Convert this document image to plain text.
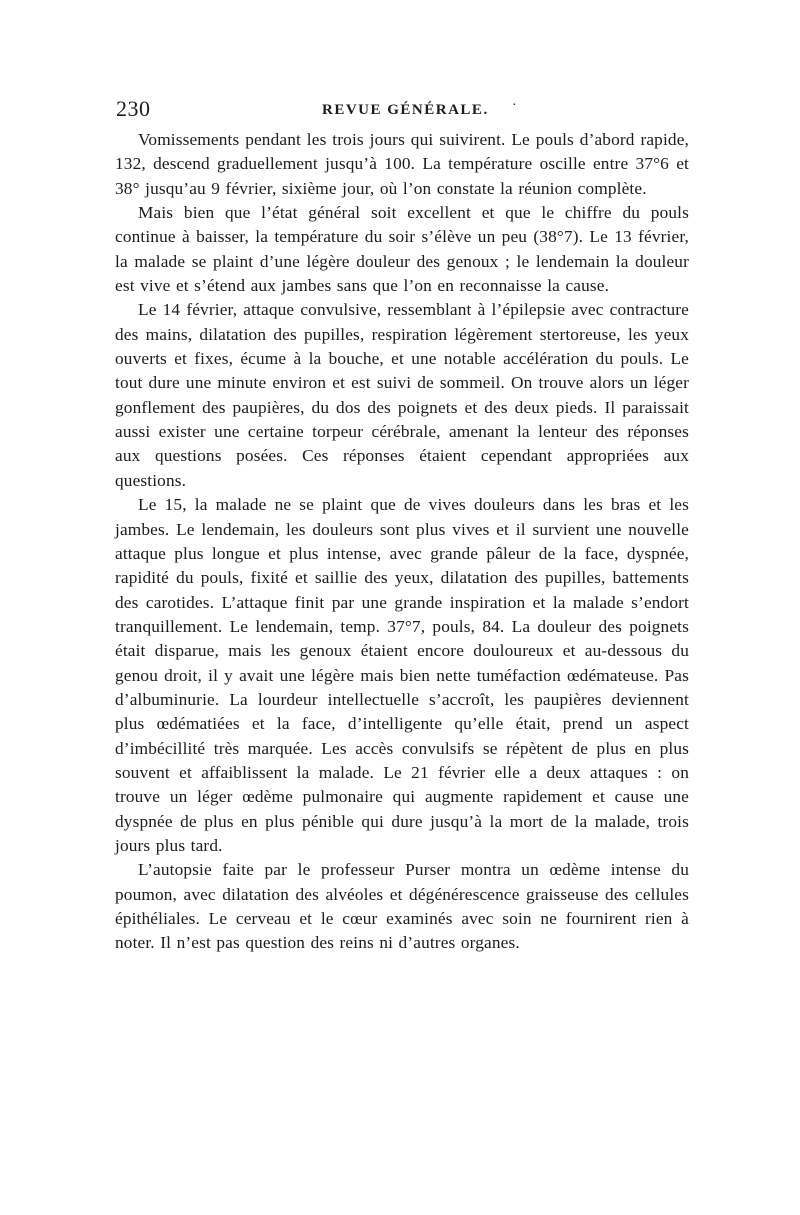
230	REVUE GÉNÉRALE. ·

Vomissements pendant les trois jours qui suivirent. Le pouls d’abord rapide, 132, descend graduellement jusqu’à 100. La température oscille entre 37°6 et 38° jusqu’au 9 février, sixième jour, où l’on constate la réunion complète.

Mais bien que l’état général soit excellent et que le chiffre du pouls continue à baisser, la température du soir s’élève un peu (38°7). Le 13 février, la malade se plaint d’une légère douleur des genoux ; le lendemain la douleur est vive et s’étend aux jambes sans que l’on en reconnaisse la cause.

Le 14 février, attaque convulsive, ressemblant à l’épilepsie avec contracture des mains, dilatation des pupilles, respiration légèrement stertoreuse, les yeux ouverts et fixes, écume à la bouche, et une notable accélération du pouls. Le tout dure une minute environ et est suivi de sommeil. On trouve alors un léger gonflement des paupières, du dos des poignets et des deux pieds. Il paraissait aussi exister une certaine torpeur cérébrale, amenant la lenteur des réponses aux questions posées. Ces réponses étaient cependant appropriées aux questions.

Le 15, la malade ne se plaint que de vives douleurs dans les bras et les jambes. Le lendemain, les douleurs sont plus vives et il survient une nouvelle attaque plus longue et plus intense, avec grande pâleur de la face, dyspnée, rapidité du pouls, fixité et saillie des yeux, dilatation des pupilles, battements des carotides. L’attaque finit par une grande inspiration et la malade s’endort tranquillement. Le lendemain, temp. 37°7, pouls, 84. La douleur des poignets était disparue, mais les genoux étaient encore douloureux et au-dessous du genou droit, il y avait une légère mais bien nette tuméfaction œdémateuse. Pas d’albuminurie. La lourdeur intellectuelle s’accroît, les paupières deviennent plus œdématiées et la face, d’intelligente qu’elle était, prend un aspect d’imbécillité très marquée. Les accès convulsifs se répètent de plus en plus souvent et affaiblissent la malade. Le 21 février elle a deux attaques : on trouve un léger œdème pulmonaire qui augmente rapidement et cause une dyspnée de plus en plus pénible qui dure jusqu’à la mort de la malade, trois jours plus tard.

L’autopsie faite par le professeur Purser montra un œdème intense du poumon, avec dilatation des alvéoles et dégénérescence graisseuse des cellules épithéliales. Le cerveau et le cœur examinés avec soin ne fournirent rien à noter. Il n’est pas question des reins ni d’autres organes.
